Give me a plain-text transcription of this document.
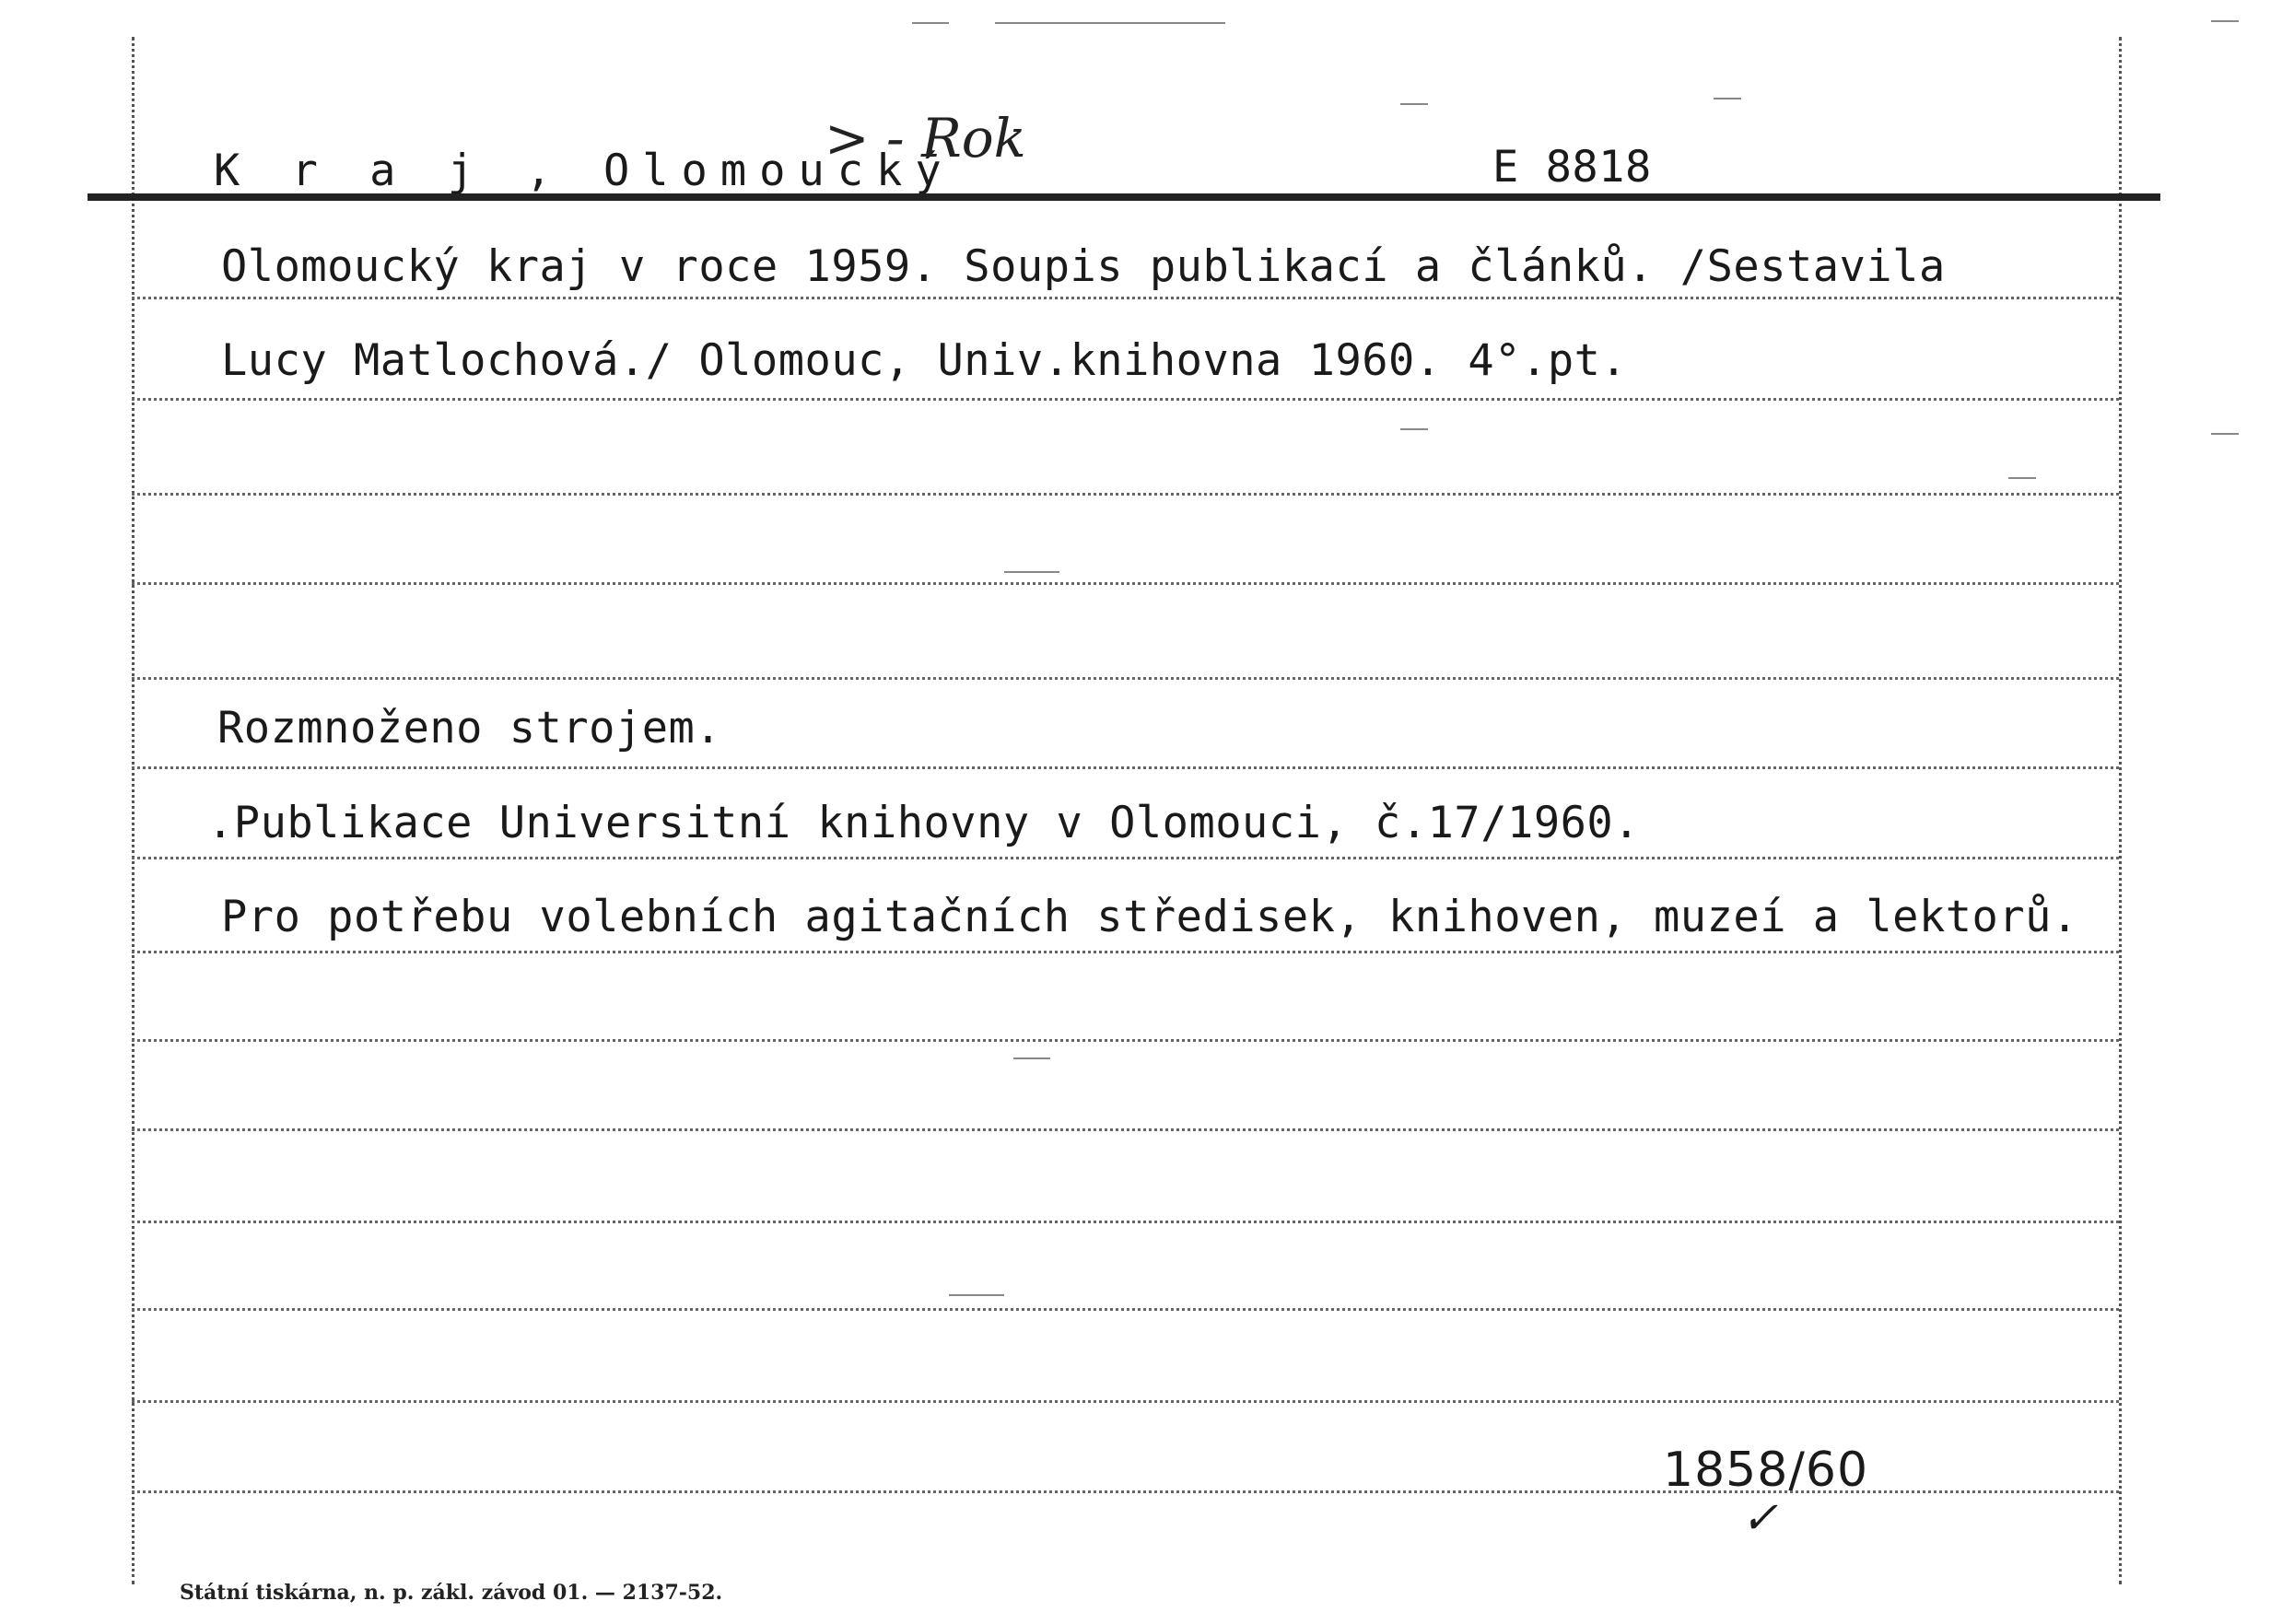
K r a j , Olomoucký
> - Rok	E 8818
Olomoucký kraj v roce 1959. Soupis publikací a článků. /Sestavila
Lucy Matlochová./ Olomouc, Univ.knihovna 1960. 4°.pt.
Rozmnoženo strojem.
.Publikace Universitní knihovny v Olomouci, č.17/1960.
Pro potřebu volebních agitačních středisek, knihoven, muzeí a lektorů.
1858/60
✓
Státní tiskárna, n. p. zákl. závod 01. — 2137-52.
